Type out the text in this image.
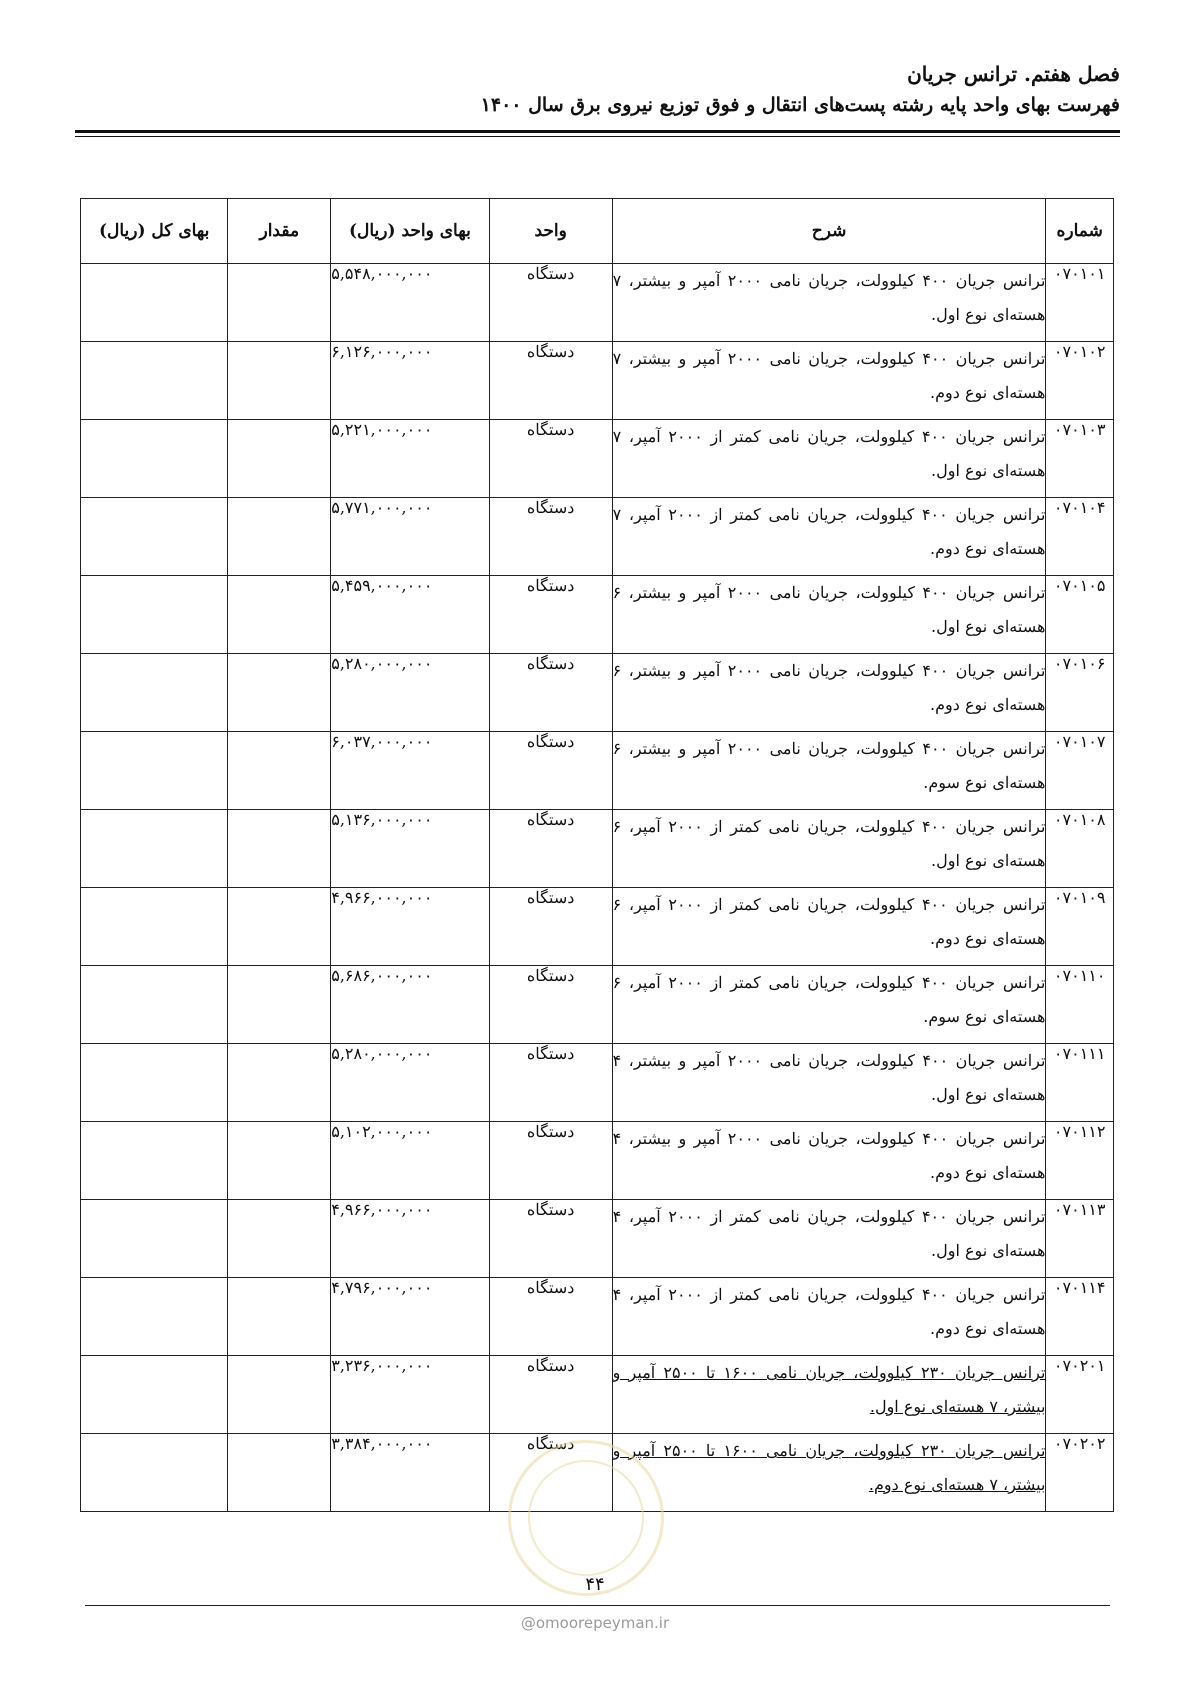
فصل هفتم. ترانس جریان
فهرست بهای واحد پایه رشته پست‌های انتقال و فوق توزیع نیروی برق سال ۱۴۰۰
شماره	شرح	واحد	بهای واحد (ریال)	مقدار	بهای کل (ریال)
۰۷۰۱۰۱	ترانس جریان ۴۰۰ کیلوولت، جریان نامی ۲۰۰۰ آمپر و بیشتر، ۷ هسته‌ای نوع اول.	دستگاه	۵,۵۴۸,۰۰۰,۰۰۰		
۰۷۰۱۰۲	ترانس جریان ۴۰۰ کیلوولت، جریان نامی ۲۰۰۰ آمپر و بیشتر، ۷ هسته‌ای نوع دوم.	دستگاه	۶,۱۲۶,۰۰۰,۰۰۰		
۰۷۰۱۰۳	ترانس جریان ۴۰۰ کیلوولت، جریان نامی کمتر از ۲۰۰۰ آمپر، ۷ هسته‌ای نوع اول.	دستگاه	۵,۲۲۱,۰۰۰,۰۰۰		
۰۷۰۱۰۴	ترانس جریان ۴۰۰ کیلوولت، جریان نامی کمتر از ۲۰۰۰ آمپر، ۷ هسته‌ای نوع دوم.	دستگاه	۵,۷۷۱,۰۰۰,۰۰۰		
۰۷۰۱۰۵	ترانس جریان ۴۰۰ کیلوولت، جریان نامی ۲۰۰۰ آمپر و بیشتر، ۶ هسته‌ای نوع اول.	دستگاه	۵,۴۵۹,۰۰۰,۰۰۰		
۰۷۰۱۰۶	ترانس جریان ۴۰۰ کیلوولت، جریان نامی ۲۰۰۰ آمپر و بیشتر، ۶ هسته‌ای نوع دوم.	دستگاه	۵,۲۸۰,۰۰۰,۰۰۰		
۰۷۰۱۰۷	ترانس جریان ۴۰۰ کیلوولت، جریان نامی ۲۰۰۰ آمپر و بیشتر، ۶ هسته‌ای نوع سوم.	دستگاه	۶,۰۳۷,۰۰۰,۰۰۰		
۰۷۰۱۰۸	ترانس جریان ۴۰۰ کیلوولت، جریان نامی کمتر از ۲۰۰۰ آمپر، ۶ هسته‌ای نوع اول.	دستگاه	۵,۱۳۶,۰۰۰,۰۰۰		
۰۷۰۱۰۹	ترانس جریان ۴۰۰ کیلوولت، جریان نامی کمتر از ۲۰۰۰ آمپر، ۶ هسته‌ای نوع دوم.	دستگاه	۴,۹۶۶,۰۰۰,۰۰۰		
۰۷۰۱۱۰	ترانس جریان ۴۰۰ کیلوولت، جریان نامی کمتر از ۲۰۰۰ آمپر، ۶ هسته‌ای نوع سوم.	دستگاه	۵,۶۸۶,۰۰۰,۰۰۰		
۰۷۰۱۱۱	ترانس جریان ۴۰۰ کیلوولت، جریان نامی ۲۰۰۰ آمپر و بیشتر، ۴ هسته‌ای نوع اول.	دستگاه	۵,۲۸۰,۰۰۰,۰۰۰		
۰۷۰۱۱۲	ترانس جریان ۴۰۰ کیلوولت، جریان نامی ۲۰۰۰ آمپر و بیشتر، ۴ هسته‌ای نوع دوم.	دستگاه	۵,۱۰۲,۰۰۰,۰۰۰		
۰۷۰۱۱۳	ترانس جریان ۴۰۰ کیلوولت، جریان نامی کمتر از ۲۰۰۰ آمپر، ۴ هسته‌ای نوع اول.	دستگاه	۴,۹۶۶,۰۰۰,۰۰۰		
۰۷۰۱۱۴	ترانس جریان ۴۰۰ کیلوولت، جریان نامی کمتر از ۲۰۰۰ آمپر، ۴ هسته‌ای نوع دوم.	دستگاه	۴,۷۹۶,۰۰۰,۰۰۰		
۰۷۰۲۰۱	ترانس جریان ۲۳۰ کیلوولت، جریان نامی ۱۶۰۰ تا ۲۵۰۰ آمپر و بیشتر، ۷ هسته‌ای نوع اول.	دستگاه	۳,۲۳۶,۰۰۰,۰۰۰		
۰۷۰۲۰۲	ترانس جریان ۲۳۰ کیلوولت، جریان نامی ۱۶۰۰ تا ۲۵۰۰ آمپر و بیشتر، ۷ هسته‌ای نوع دوم.	دستگاه	۳,۳۸۴,۰۰۰,۰۰۰		
۴۴
@omoorepeyman.ir
